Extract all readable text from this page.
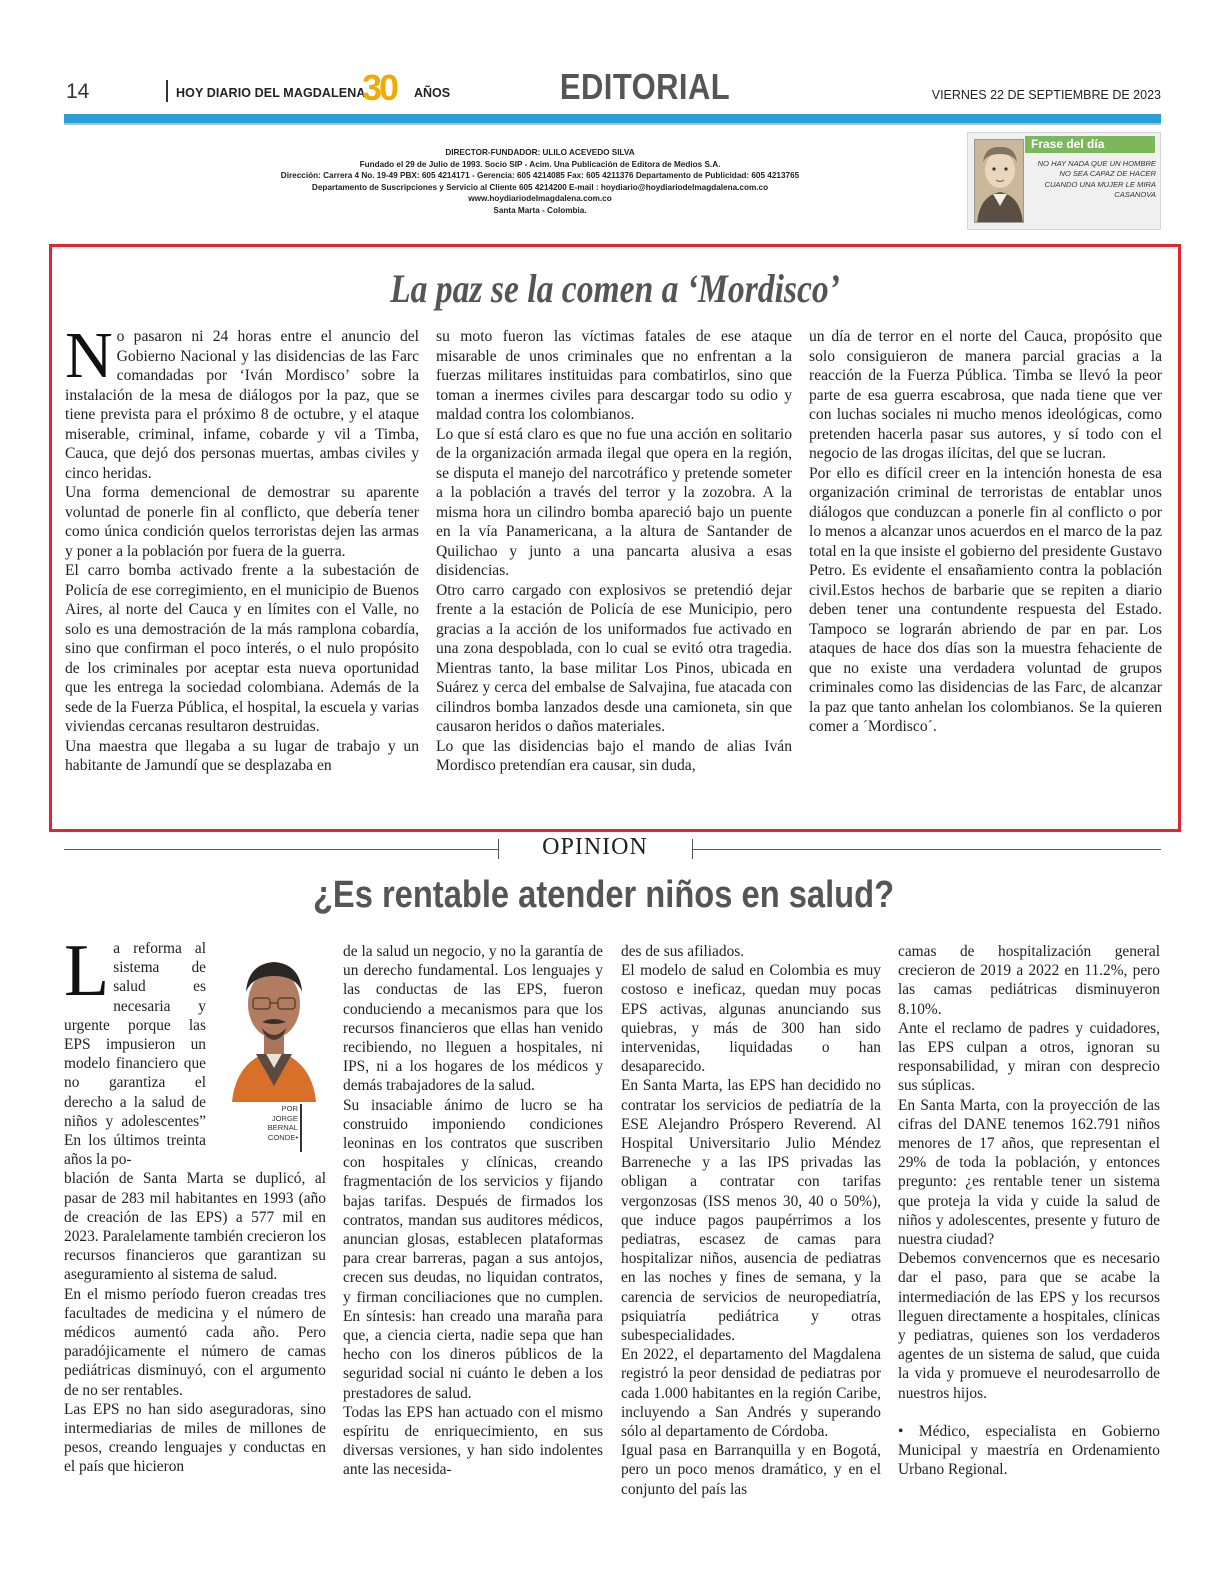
14	HOY DIARIO DEL MAGDALENA
30 AÑOS	EDITORIAL	VIERNES 22 DE SEPTIEMBRE DE 2023
DIRECTOR-FUNDADOR: ULILO ACEVEDO SILVA
Fundado el 29 de Julio de 1993. Socio SIP - Acim. Una Publicación de Editora de Medios S.A.
Dirección: Carrera 4 No. 19-49 PBX: 605 4214171 - Gerencia: 605 4214085 Fax: 605 4211376 Departamento de Publicidad: 605 4213765
Departamento de Suscripciones y Servicio al Cliente 605 4214200 E-mail : hoydiario@hoydiariodelmagdalena.com.co
www.hoydiariodelmagdalena.com.co
Santa Marta - Colombia.
Frase del día
NO HAY NADA QUE UN HOMBRE NO SEA CAPAZ DE HACER CUANDO UNA MUJER LE MIRA
CASANOVA
La paz se la comen a ‘Mordisco’
N o pasaron ni 24 horas entre el anuncio del Gobierno Nacional y las disidencias de las Farc comandadas por ‘Iván Mordisco’ sobre la instalación de la mesa de diálogos por la paz, que se tiene prevista para el próximo 8 de octubre, y el ataque miserable, criminal, infame, cobarde y vil a Timba, Cauca, que dejó dos personas muertas, ambas civiles y cinco heridas.

Una forma demencional de demostrar su aparente voluntad de ponerle fin al conflicto, que debería tener como única condición quelos terroristas dejen las armas y poner a la población por fuera de la guerra.

El carro bomba activado frente a la subestación de Policía de ese corregimiento, en el municipio de Buenos Aires, al norte del Cauca y en límites con el Valle, no solo es una demostración de la más ramplona cobardía, sino que confirman el poco interés, o el nulo propósito de los criminales por aceptar esta nueva oportunidad que les entrega la sociedad colombiana. Además de la sede de la Fuerza Pública, el hospital, la escuela y varias viviendas cercanas resultaron destruidas.

Una maestra que llegaba a su lugar de trabajo y un habitante de Jamundí que se desplazaba en

su moto fueron las víctimas fatales de ese ataque misarable de unos criminales que no enfrentan a la fuerzas militares instituidas para combatirlos, sino que toman a inermes civiles para descargar todo su odio y maldad contra los colombianos.

Lo que sí está claro es que no fue una acción en solitario de la organización armada ilegal que opera en la región, se disputa el manejo del narcotráfico y pretende someter a la población a través del terror y la zozobra. A la misma hora un cilindro bomba apareció bajo un puente en la vía Panamericana, a la altura de Santander de Quilichao y junto a una pancarta alusiva a esas disidencias.

Otro carro cargado con explosivos se pretendió dejar frente a la estación de Policía de ese Municipio, pero gracias a la acción de los uniformados fue activado en una zona despoblada, con lo cual se evitó otra tragedia. Mientras tanto, la base militar Los Pinos, ubicada en Suárez y cerca del embalse de Salvajina, fue atacada con cilindros bomba lanzados desde una camioneta, sin que causaron heridos o daños materiales.

Lo que las disidencias bajo el mando de alias Iván Mordisco pretendían era causar, sin duda,

un día de terror en el norte del Cauca, propósito que solo consiguieron de manera parcial gracias a la reacción de la Fuerza Pública. Timba se llevó la peor parte de esa guerra escabrosa, que nada tiene que ver con luchas sociales ni mucho menos ideológicas, como pretenden hacerla pasar sus autores, y sí todo con el negocio de las drogas ilícitas, del que se lucran.

Por ello es difícil creer en la intención honesta de esa organización criminal de terroristas de entablar unos diálogos que conduzcan a ponerle fin al conflicto o por lo menos a alcanzar unos acuerdos en el marco de la paz total en la que insiste el gobierno del presidente Gustavo Petro. Es evidente el ensañamiento contra la población civil.Estos hechos de barbarie que se repiten a diario deben tener una contundente respuesta del Estado. Tampoco se lograrán abriendo de par en par. Los ataques de hace dos días son la muestra fehaciente de que no existe una verdadera voluntad de grupos criminales como las disidencias de las Farc, de alcanzar la paz que tanto anhelan los colombianos. Se la quieren comer a ´Mordisco´.

OPINION
¿Es rentable atender niños en salud?
POR
JORGE
BERNAL
CONDE•
L a reforma al sistema de salud es necesaria y urgente porque las EPS impusieron un modelo financiero que no garantiza el derecho a la salud de niños y adolescentes” En los últimos treinta años la po-

blación de Santa Marta se duplicó, al pasar de 283 mil habitantes en 1993 (año de creación de las EPS) a 577 mil en 2023. Paralelamente también crecieron los recursos financieros que garantizan su aseguramiento al sistema de salud.

En el mismo período fueron creadas tres facultades de medicina y el número de médicos aumentó cada año. Pero paradójicamente el número de camas pediátricas disminuyó, con el argumento de no ser rentables.

Las EPS no han sido aseguradoras, sino intermediarias de miles de millones de pesos, creando lenguajes y conductas en el país que hicieron

de la salud un negocio, y no la garantía de un derecho fundamental. Los lenguajes y las conductas de las EPS, fueron conduciendo a mecanismos para que los recursos financieros que ellas han venido recibiendo, no lleguen a hospitales, ni IPS, ni a los hogares de los médicos y demás trabajadores de la salud.

Su insaciable ánimo de lucro se ha construido imponiendo condiciones leoninas en los contratos que suscriben con hospitales y clínicas, creando fragmentación de los servicios y fijando bajas tarifas. Después de firmados los contratos, mandan sus auditores médicos, anuncian glosas, establecen plataformas para crear barreras, pagan a sus antojos, crecen sus deudas, no liquidan contratos, y firman conciliaciones que no cumplen. En síntesis: han creado una maraña para que, a ciencia cierta, nadie sepa que han hecho con los dineros públicos de la seguridad social ni cuánto le deben a los prestadores de salud.

Todas las EPS han actuado con el mismo espíritu de enriquecimiento, en sus diversas versiones, y han sido indolentes ante las necesida-

des de sus afiliados.

El modelo de salud en Colombia es muy costoso e ineficaz, quedan muy pocas EPS activas, algunas anunciando sus quiebras, y más de 300 han sido intervenidas, liquidadas o han desaparecido.

En Santa Marta, las EPS han decidido no contratar los servicios de pediatría de la ESE Alejandro Próspero Reverend. Al Hospital Universitario Julio Méndez Barreneche y a las IPS privadas las obligan a contratar con tarifas vergonzosas (ISS menos 30, 40 o 50%), que induce pagos paupérrimos a los pediatras, escasez de camas para hospitalizar niños, ausencia de pediatras en las noches y fines de semana, y la carencia de servicios de neuropediatría, psiquiatría pediátrica y otras subespecialidades.

En 2022, el departamento del Magdalena registró la peor densidad de pediatras por cada 1.000 habitantes en la región Caribe, incluyendo a San Andrés y superando sólo al departamento de Córdoba.

Igual pasa en Barranquilla y en Bogotá, pero un poco menos dramático, y en el conjunto del país las

camas de hospitalización general crecieron de 2019 a 2022 en 11.2%, pero las camas pediátricas disminuyeron 8.10%.

Ante el reclamo de padres y cuidadores, las EPS culpan a otros, ignoran su responsabilidad, y miran con desprecio sus súplicas.

En Santa Marta, con la proyección de las cifras del DANE tenemos 162.791 niños menores de 17 años, que representan el 29% de toda la población, y entonces pregunto: ¿es rentable tener un sistema que proteja la vida y cuide la salud de niños y adolescentes, presente y futuro de nuestra ciudad?

Debemos convencernos que es necesario dar el paso, para que se acabe la intermediación de las EPS y los recursos lleguen directamente a hospitales, clínicas y pediatras, quienes son los verdaderos agentes de un sistema de salud, que cuida la vida y promueve el neurodesarrollo de nuestros hijos.

• Médico, especialista en Gobierno Municipal y maestría en Ordenamiento Urbano Regional.
